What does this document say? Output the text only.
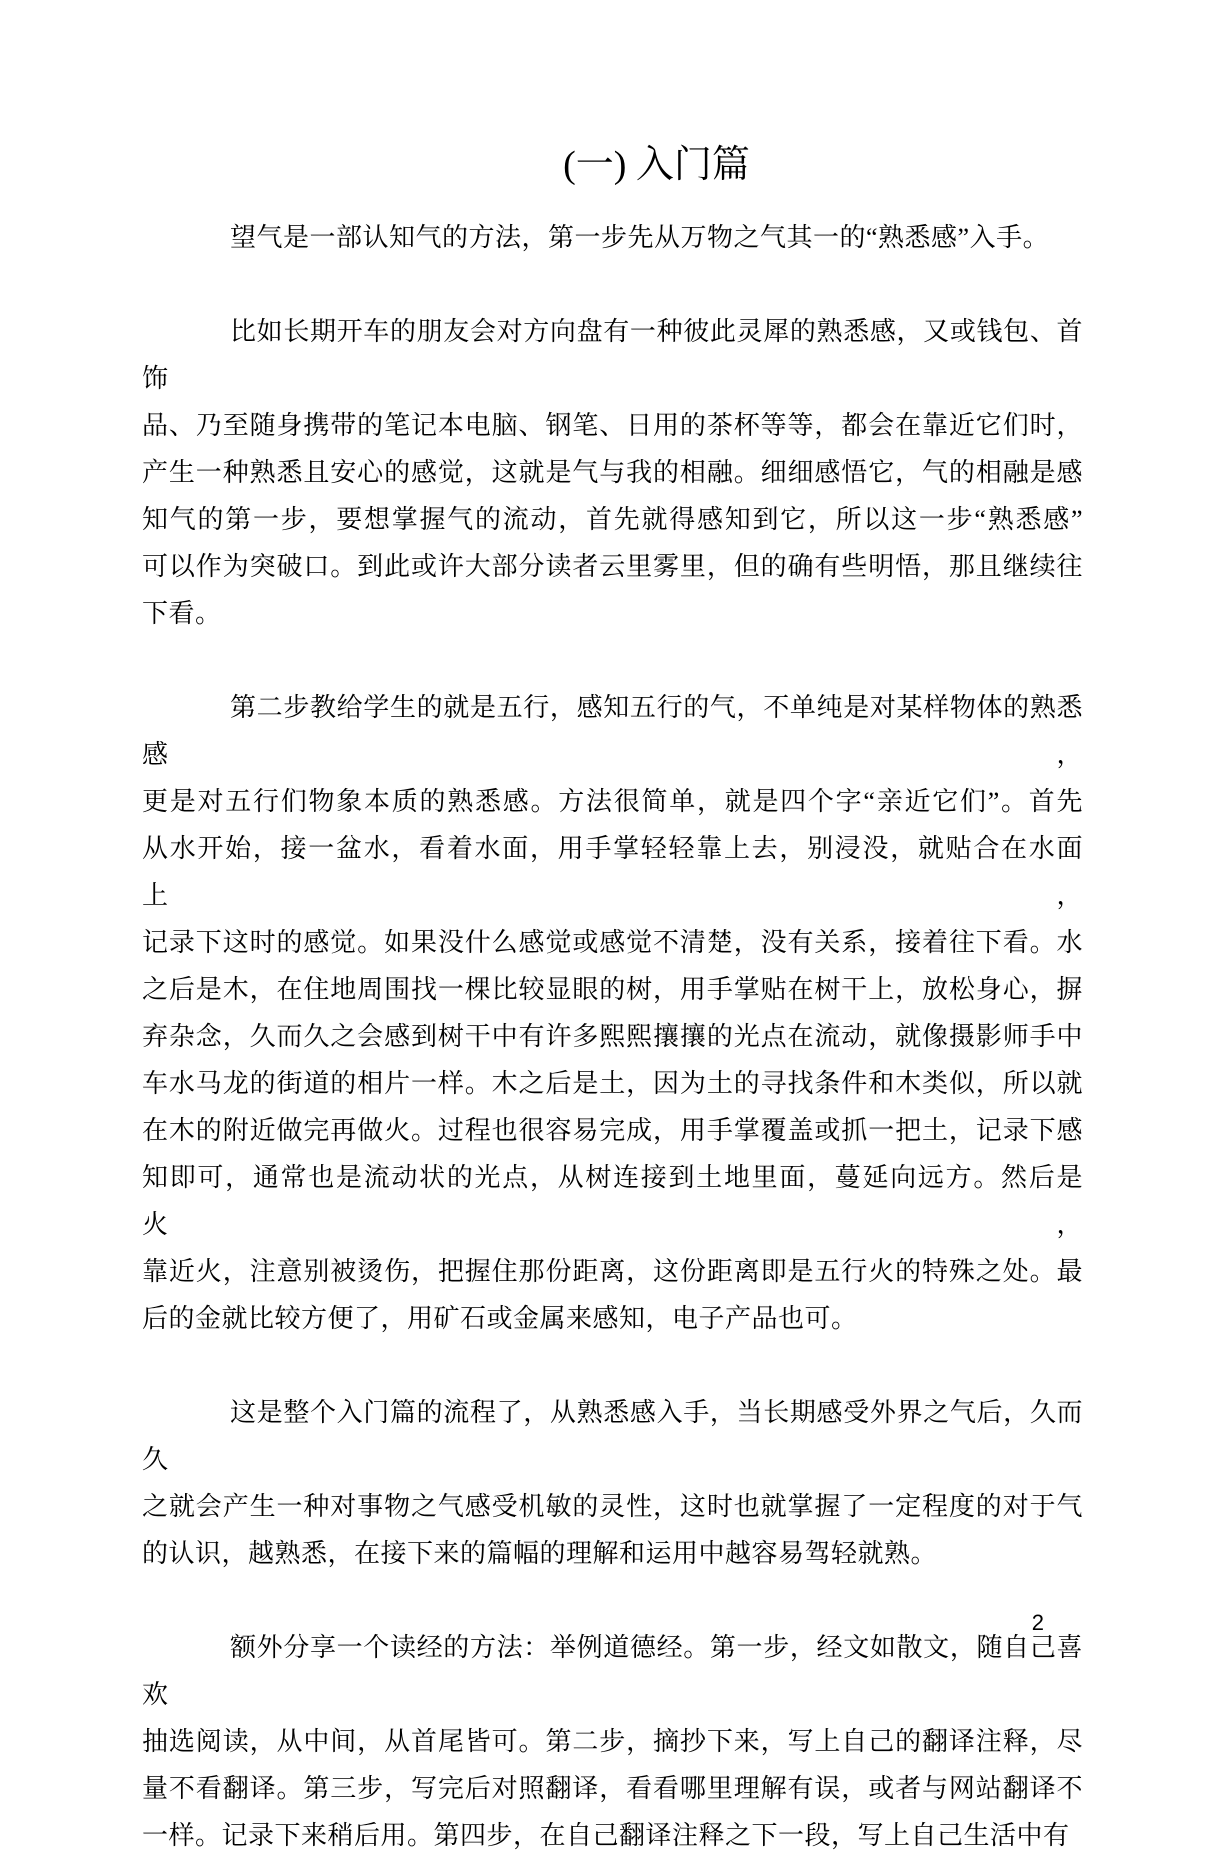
(一) 入门篇
望气是一部认知气的方法，第一步先从万物之气其一的“熟悉感”入手。
比如长期开车的朋友会对方向盘有一种彼此灵犀的熟悉感，又或钱包、首饰
品、乃至随身携带的笔记本电脑、钢笔、日用的茶杯等等，都会在靠近它们时，
产生一种熟悉且安心的感觉，这就是气与我的相融。细细感悟它，气的相融是感
知气的第一步，要想掌握气的流动，首先就得感知到它，所以这一步“熟悉感”
可以作为突破口。到此或许大部分读者云里雾里，但的确有些明悟，那且继续往
下看。
第二步教给学生的就是五行，感知五行的气，不单纯是对某样物体的熟悉感，
更是对五行们物象本质的熟悉感。方法很简单，就是四个字“亲近它们”。首先
从水开始，接一盆水，看着水面，用手掌轻轻靠上去，别浸没，就贴合在水面上，
记录下这时的感觉。如果没什么感觉或感觉不清楚，没有关系，接着往下看。水
之后是木，在住地周围找一棵比较显眼的树，用手掌贴在树干上，放松身心，摒
弃杂念，久而久之会感到树干中有许多熙熙攘攘的光点在流动，就像摄影师手中
车水马龙的街道的相片一样。木之后是土，因为土的寻找条件和木类似，所以就
在木的附近做完再做火。过程也很容易完成，用手掌覆盖或抓一把土，记录下感
知即可，通常也是流动状的光点，从树连接到土地里面，蔓延向远方。然后是火，
靠近火，注意别被烫伤，把握住那份距离，这份距离即是五行火的特殊之处。最
后的金就比较方便了，用矿石或金属来感知，电子产品也可。
这是整个入门篇的流程了，从熟悉感入手，当长期感受外界之气后，久而久
之就会产生一种对事物之气感受机敏的灵性，这时也就掌握了一定程度的对于气
的认识，越熟悉，在接下来的篇幅的理解和运用中越容易驾轻就熟。
额外分享一个读经的方法：举例道德经。第一步，经文如散文，随自己喜欢
抽选阅读，从中间，从首尾皆可。第二步，摘抄下来，写上自己的翻译注释，尽
量不看翻译。第三步，写完后对照翻译，看看哪里理解有误，或者与网站翻译不
一样。记录下来稍后用。第四步，在自己翻译注释之下一段，写上自己生活中有
2
